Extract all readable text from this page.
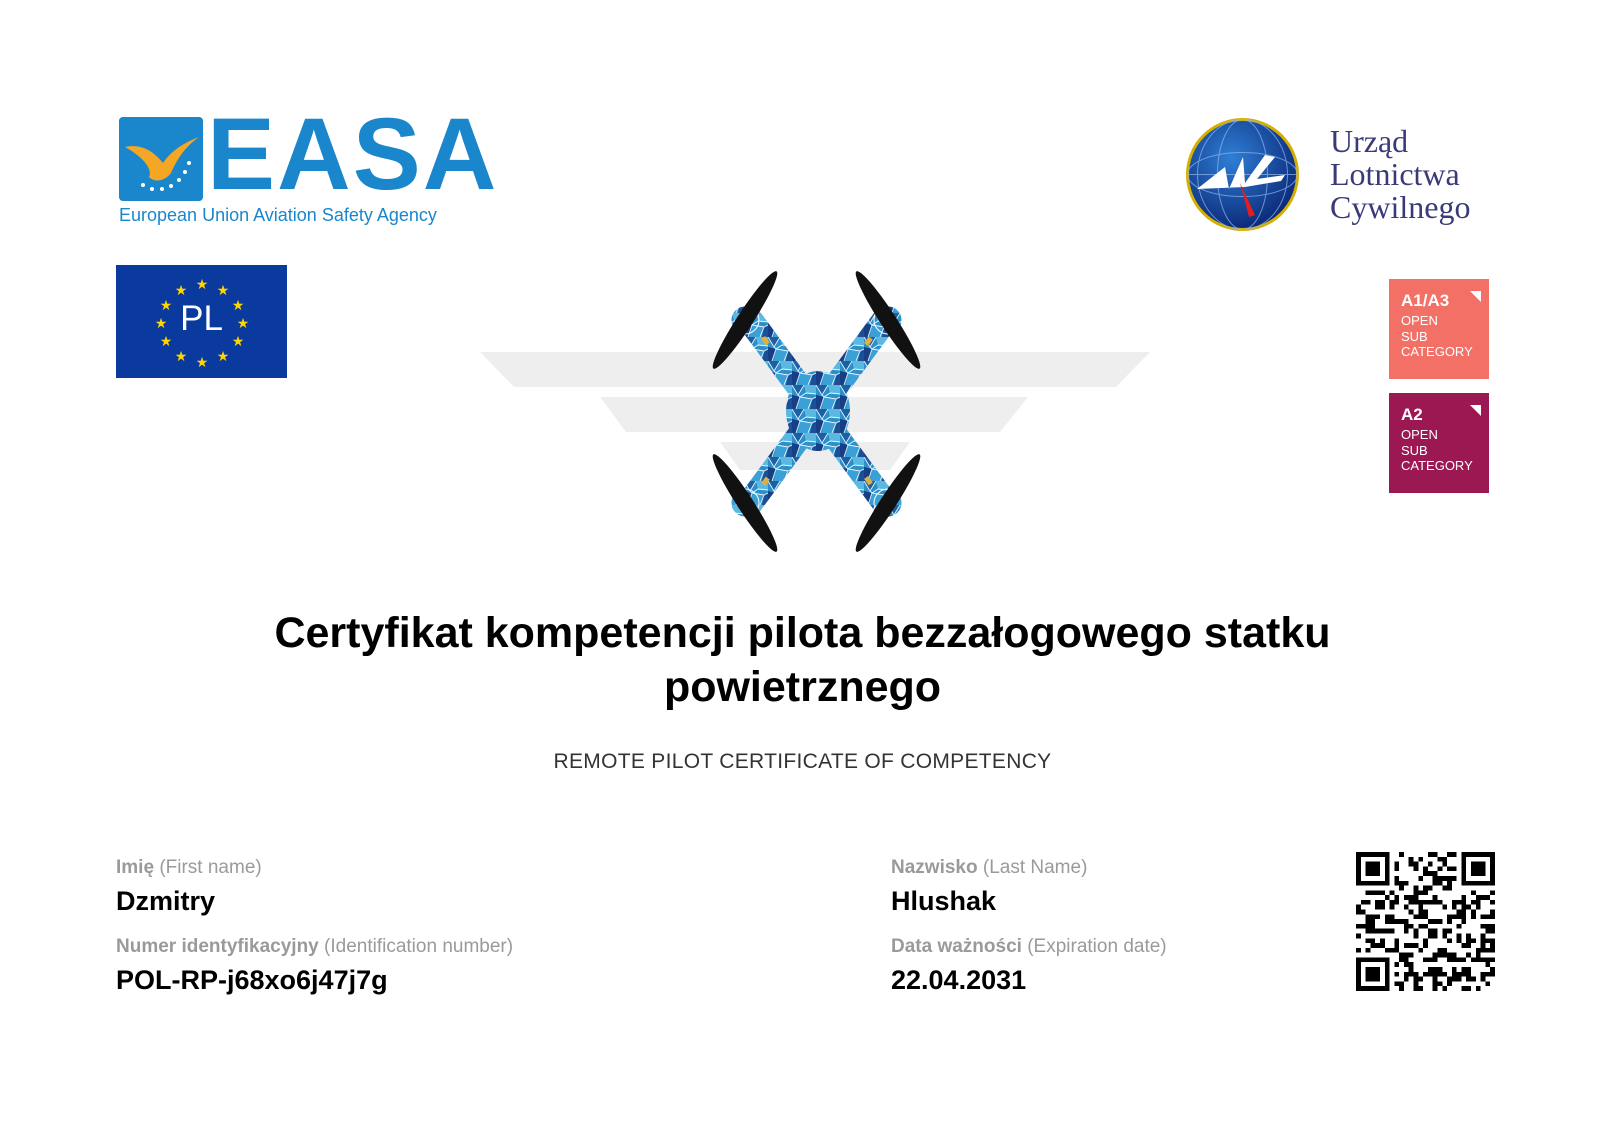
EASA
European Union Aviation Safety Agency
★ ★
★
★
★
★
★
★
★
★
★
★
PL
Urząd
Lotnictwa
Cywilnego
A1/A3
OPEN
SUB
CATEGORY
A2
OPEN
SUB
CATEGORY
Certyfikat kompetencji pilota bezzałogowego statku
powietrznego
REMOTE PILOT CERTIFICATE OF COMPETENCY
Imię (First name)
Dzmitry
Numer identyfikacyjny (Identification number)
POL-RP-j68xo6j47j7g
Nazwisko (Last Name)
Hlushak
Data ważności (Expiration date)
22.04.2031
